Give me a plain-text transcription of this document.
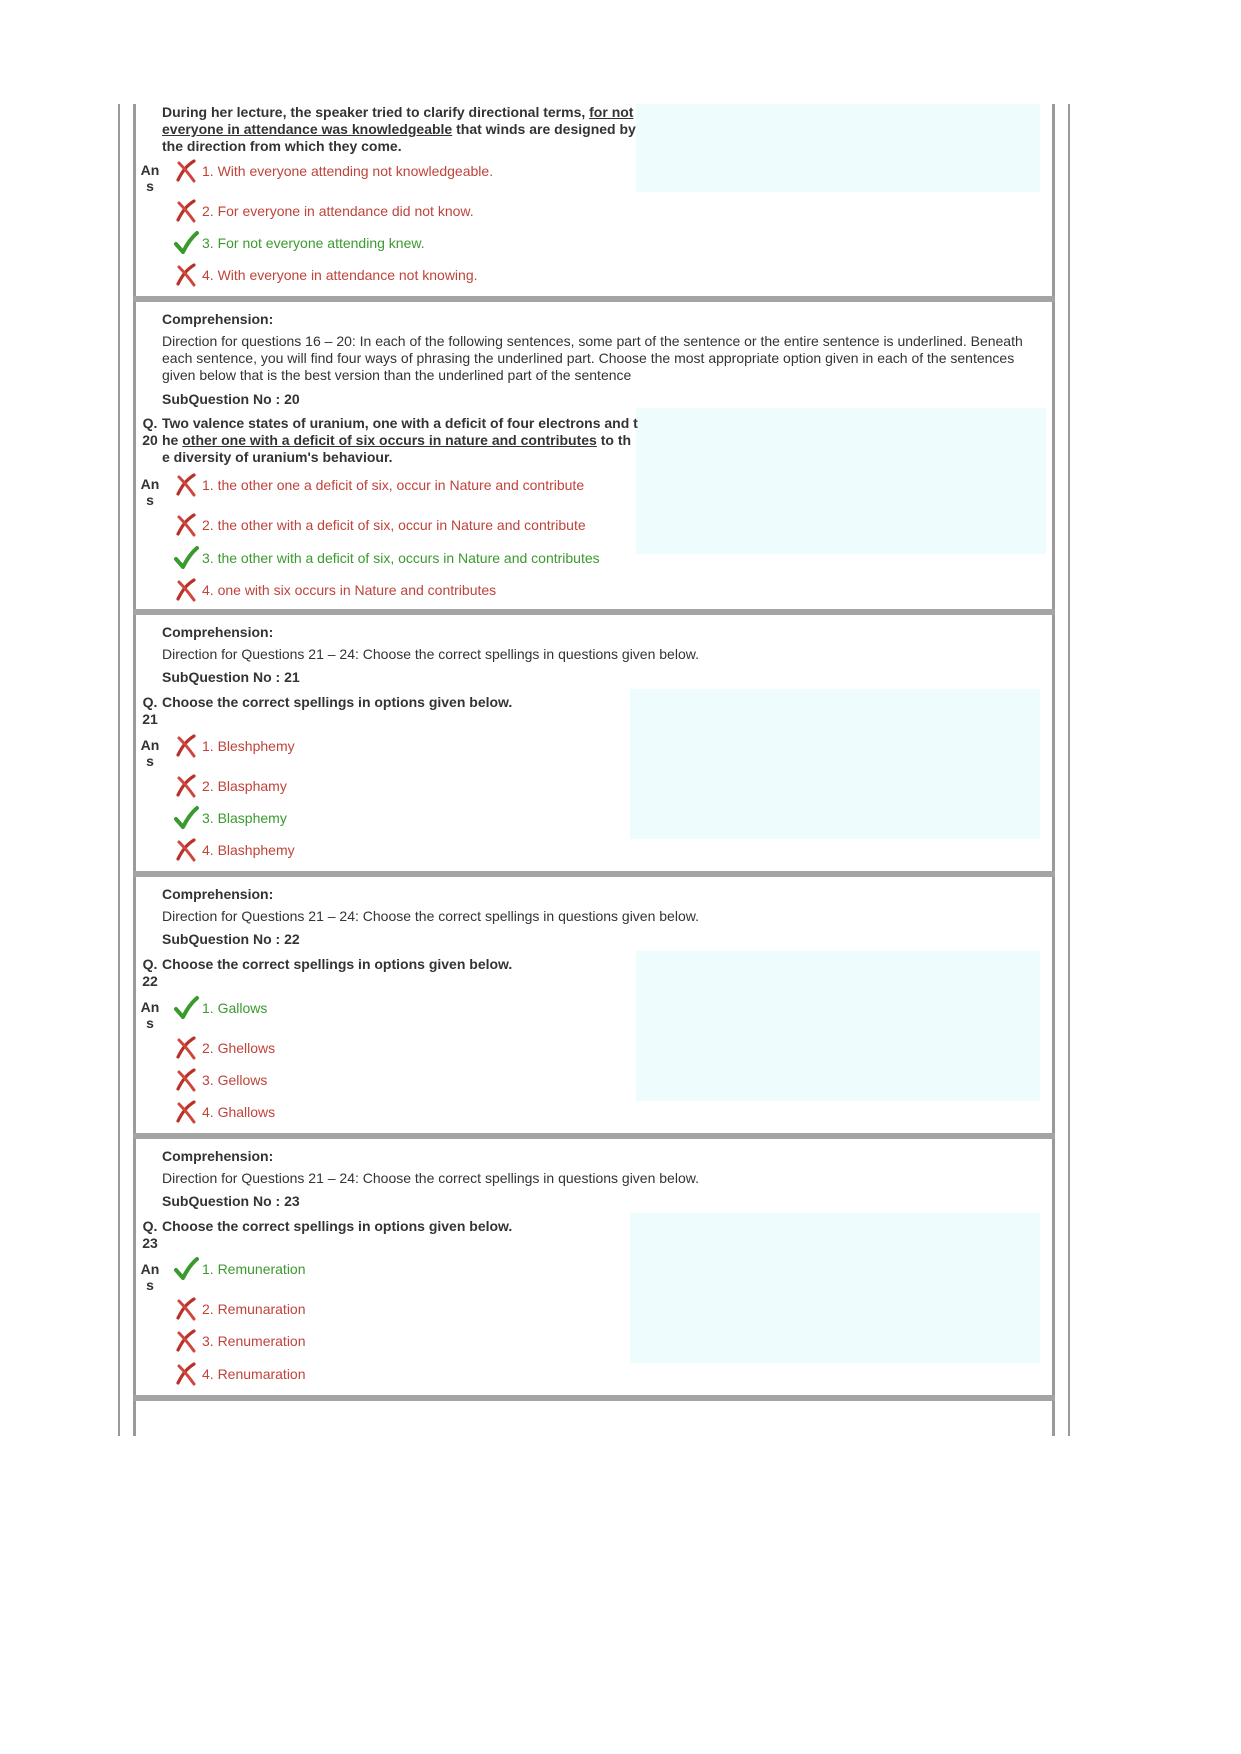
During her lecture, the speaker tried to clarify directional terms, for not everyone in attendance was knowledgeable that winds are designed by the direction from which they come.
An
s
Comprehension:
Direction for questions 16 – 20: In each of the following sentences, some part of the sentence or the entire sentence is underlined. Beneath each sentence, you will find four ways of phrasing the underlined part. Choose the most appropriate option given in each of the sentences given below that is the best version than the underlined part of the sentence
SubQuestion No : 20
Q.
20
Two valence states of uranium, one with a deficit of four electrons and the other one with a deficit of six occurs in nature and contributes to the diversity of uranium's behaviour.
An
s
Comprehension:
Direction for Questions 21 – 24: Choose the correct spellings in questions given below.
SubQuestion No : 21
Q.
21
Choose the correct spellings in options given below.
An
s
Comprehension:
Direction for Questions 21 – 24: Choose the correct spellings in questions given below.
SubQuestion No : 22
Q.
22
Choose the correct spellings in options given below.
An
s
Comprehension:
Direction for Questions 21 – 24: Choose the correct spellings in questions given below.
SubQuestion No : 23
Q.
23
Choose the correct spellings in options given below.
An
s
1. With everyone attending not knowledgeable.
2. For everyone in attendance did not know.
3. For not everyone attending knew.
4. With everyone in attendance not knowing.
1. the other one a deficit of six, occur in Nature and contribute
2. the other with a deficit of six, occur in Nature and contribute
3. the other with a deficit of six, occurs in Nature and contributes
4. one with six occurs in Nature and contributes
1. Bleshphemy
2. Blasphamy
3. Blasphemy
4. Blashphemy
1. Gallows
2. Ghellows
3. Gellows
4. Ghallows
1. Remuneration
2. Remunaration
3. Renumeration
4. Renumaration
